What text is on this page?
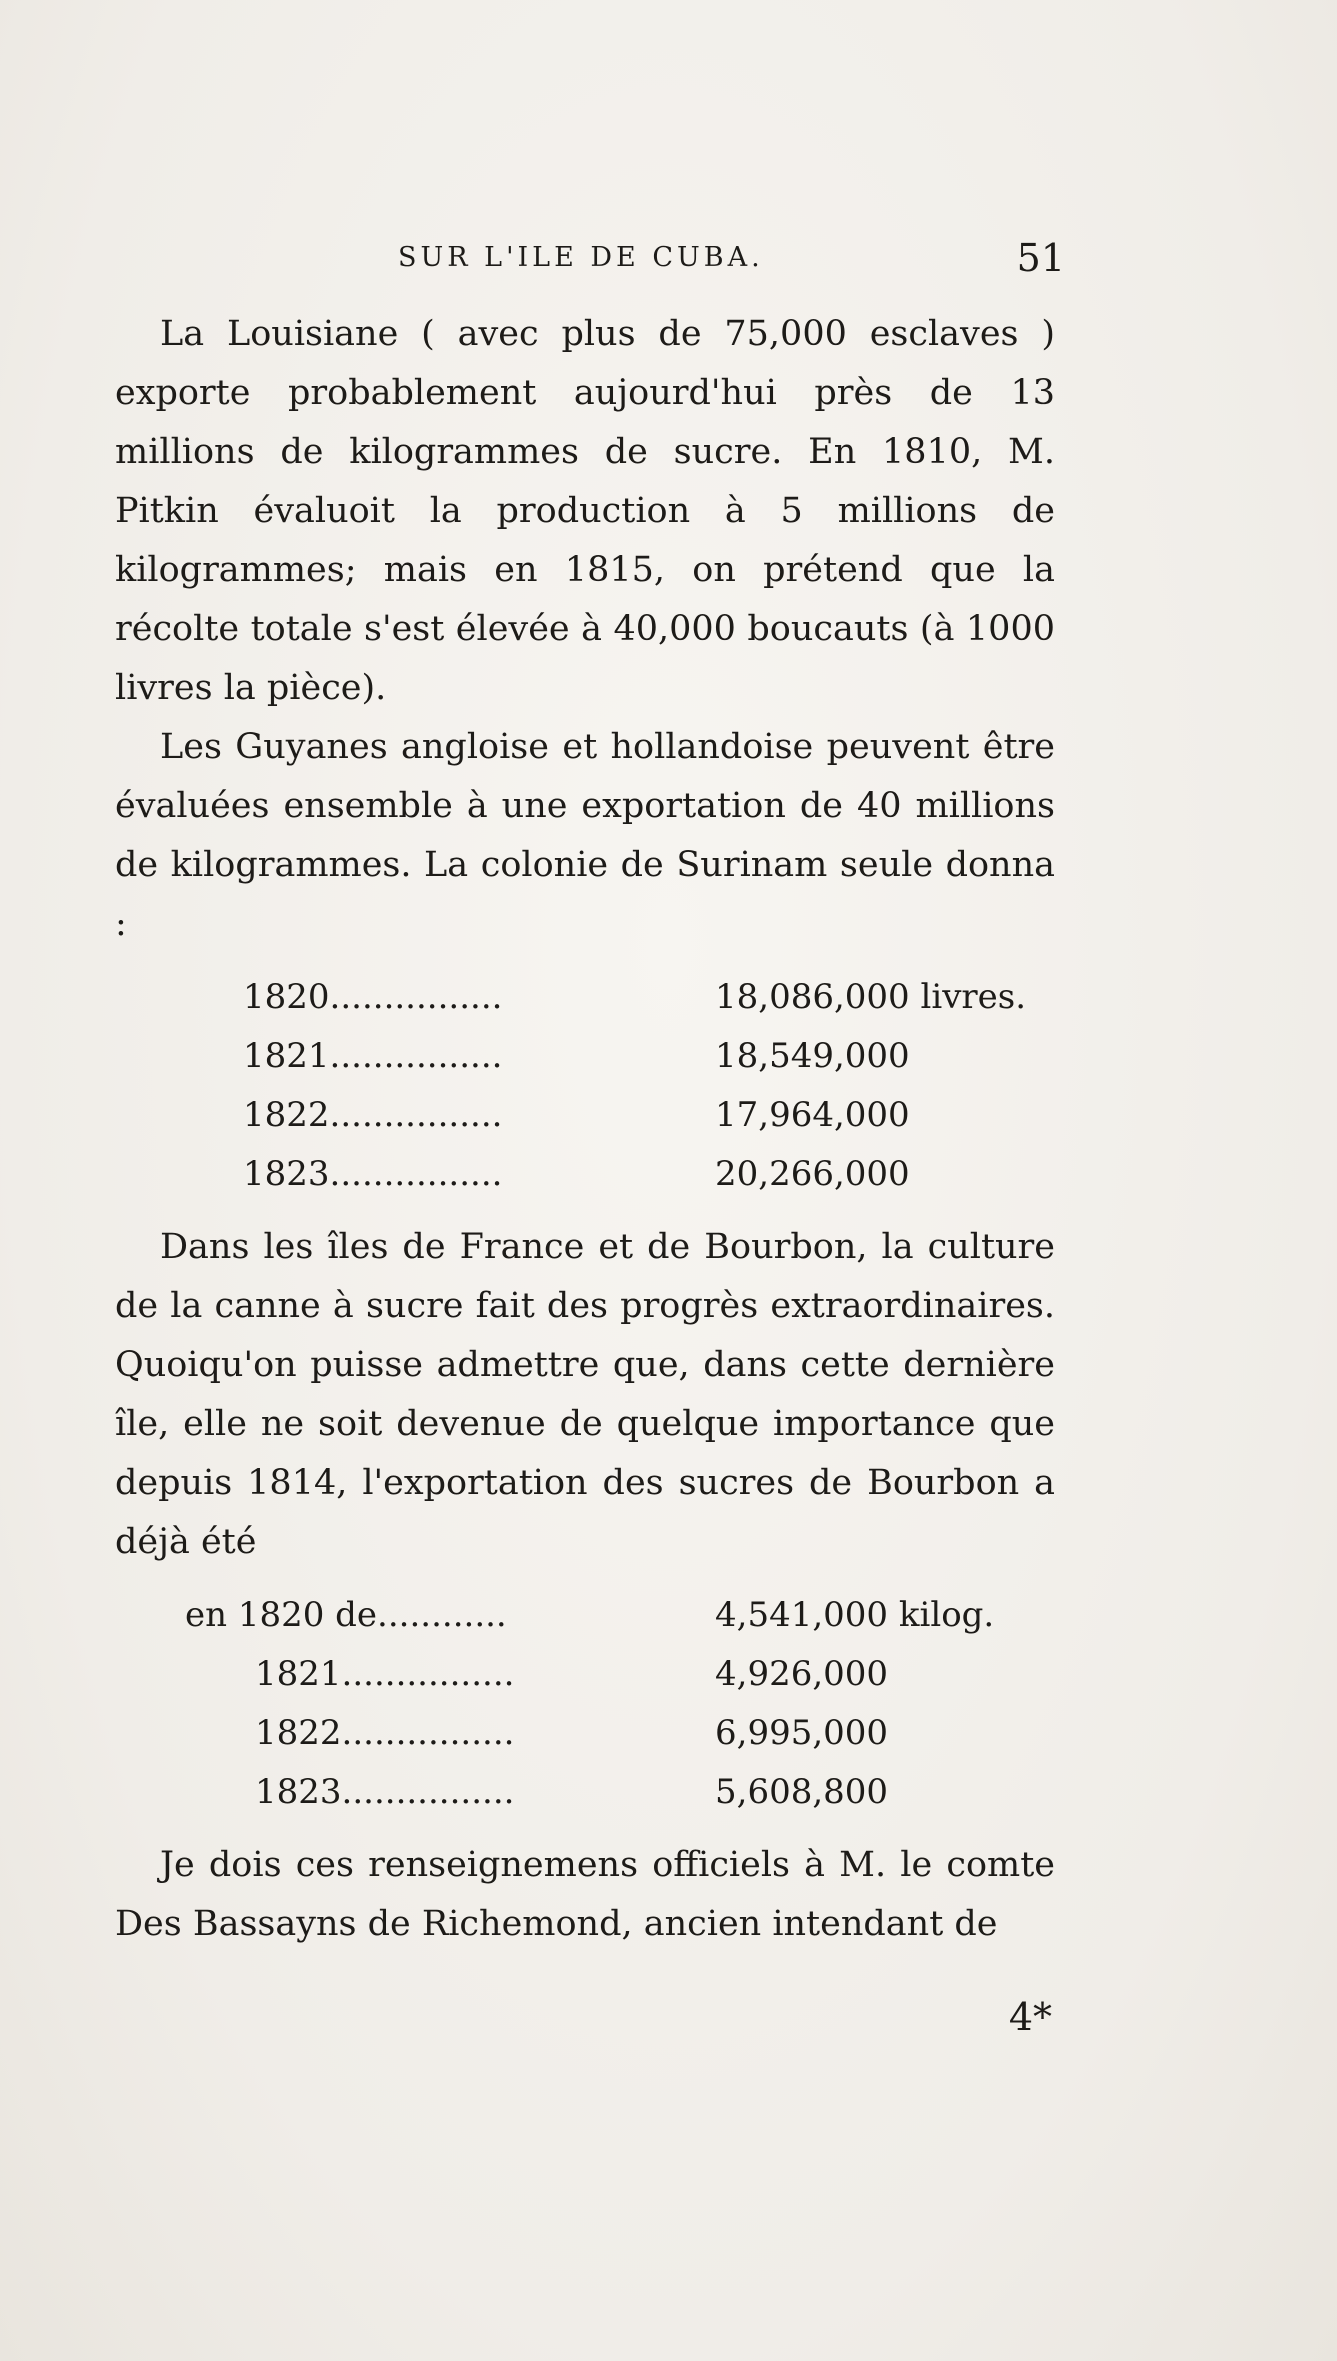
SUR L'ILE DE CUBA.	51

La Louisiane ( avec plus de 75,000 esclaves ) exporte probablement aujourd'hui près de 13 millions de kilogrammes de sucre. En 1810, M. Pitkin évaluoit la production à 5 millions de kilogrammes; mais en 1815, on prétend que la récolte totale s'est élevée à 40,000 boucauts (à 1000 livres la pièce).

Les Guyanes angloise et hollandoise peuvent être évaluées ensemble à une exportation de 40 millions de kilogrammes. La colonie de Surinam seule donna :

1820................	18,086,000 livres.
1821................	18,549,000
1822................	17,964,000
1823................	20,266,000

Dans les îles de France et de Bourbon, la culture de la canne à sucre fait des progrès extraordinaires. Quoiqu'on puisse admettre que, dans cette dernière île, elle ne soit devenue de quelque importance que depuis 1814, l'exportation des sucres de Bourbon a déjà été

en 1820 de............	4,541,000 kilog.
1821................	4,926,000
1822................	6,995,000
1823................	5,608,800

Je dois ces renseignemens officiels à M. le comte Des Bassayns de Richemond, ancien intendant de

4*
